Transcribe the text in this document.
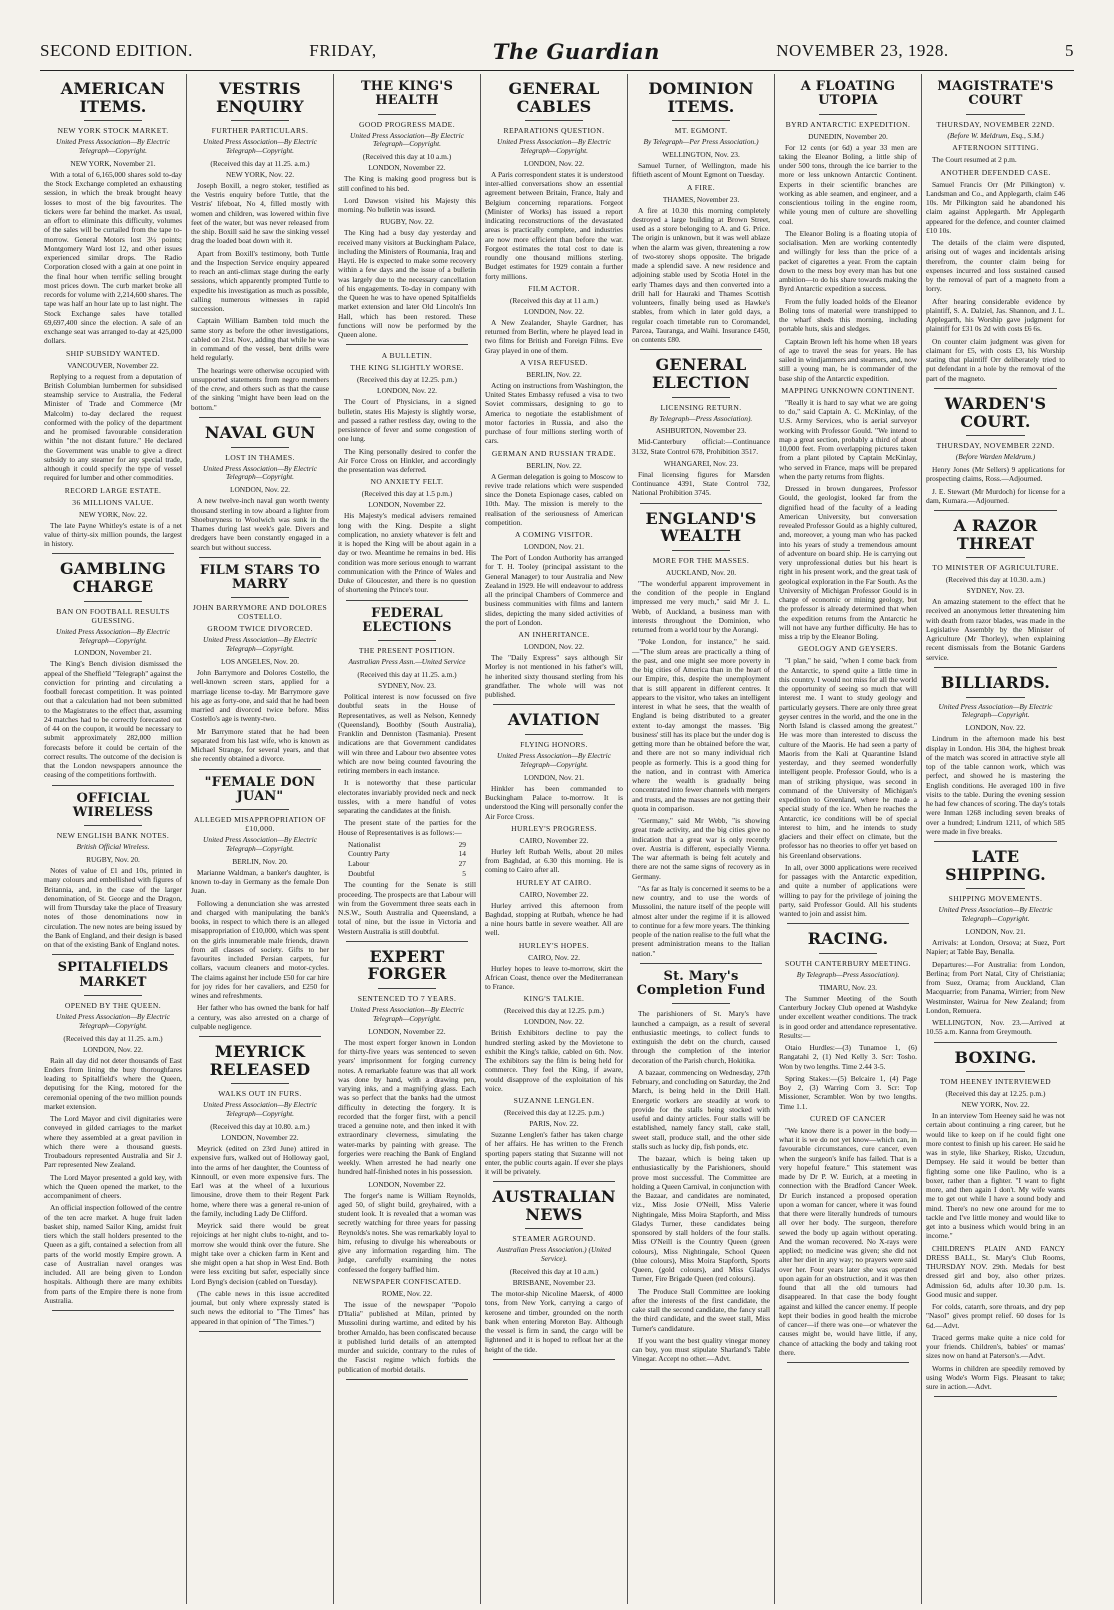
SECOND EDITION.	FRIDAY,	The Guardian	NOVEMBER 23, 1928.	5
AMERICAN ITEMS.
NEW YORK STOCK MARKET.
United Press Association—By Electric Telegraph—Copyright.
NEW YORK, November 21.
With a total of 6,165,000 shares sold to-day the Stock Exchange completed an exhausting session, in which the break brought heavy losses to most of the big favourites. The tickers were far behind the market. As usual, an effort to eliminate this difficulty, volumes of the sales will be curtailed from the tape to-morrow. General Motors lost 3¼ points; Montgomery Ward lost 12, and other issues experienced similar drops. The Radio Corporation closed with a gain at one point in the final hour when terrific selling brought most prices down. The curb market broke all records for volume with 2,214,600 shares. The tape was half an hour late up to last night. The Stock Exchange sales have totalled 69,697,400 since the election. A sale of an exchange seat was arranged to-day at 425,000 dollars.
SHIP SUBSIDY WANTED.
VANCOUVER, November 22.
Replying to a request from a deputation of British Columbian lumbermen for subsidised steamship service to Australia, the Federal Minister of Trade and Commerce (Mr Malcolm) to-day declared the request conformed with the policy of the department and he promised favourable consideration within "the not distant future." He declared the Government was unable to give a direct subsidy to any steamer for any special trade, although it could specify the type of vessel required for lumber and other commodities.
RECORD LARGE ESTATE.
36 MILLIONS VALUE.
NEW YORK, Nov. 22.
The late Payne Whitley's estate is of a net value of thirty-six million pounds, the largest in history.
GAMBLING CHARGE
BAN ON FOOTBALL RESULTS GUESSING.
United Press Association—By Electric Telegraph—Copyright.
LONDON, November 21.
The King's Bench division dismissed the appeal of the Sheffield "Telegraph" against the conviction for printing and circulating a football forecast competition. It was pointed out that a calculation had not been submitted to the Magistrates to the effect that, assuming 24 matches had to be correctly forecasted out of 44 on the coupon, it would be necessary to submit approximately 282,000 million forecasts before it could be certain of the correct results. The outcome of the decision is that the London newspapers announce the ceasing of the competitions forthwith.
OFFICIAL WIRELESS
NEW ENGLISH BANK NOTES.
British Official Wireless.
RUGBY, Nov. 20.
Notes of value of £1 and 10s, printed in many colours and embellished with figures of Britannia, and, in the case of the larger denomination, of St. George and the Dragon, will from Thursday take the place of Treasury notes of those denominations now in circulation. The new notes are being issued by the Bank of England, and their design is based on that of the existing Bank of England notes.
SPITALFIELDS MARKET
OPENED BY THE QUEEN.
United Press Association—By Electric Telegraph—Copyright.
(Received this day at 11.25. a.m.)
LONDON, Nov. 22.
Rain all day did not deter thousands of East Enders from lining the busy thoroughfares leading to Spitalfield's where the Queen, deputising for the King, motored for the ceremonial opening of the two million pounds market extension.
The Lord Mayor and civil dignitaries were conveyed in gilded carriages to the market where they assembled at a great pavilion in which there were a thousand guests. Troubadours represented Australia and Sir J. Parr represented New Zealand.
The Lord Mayor presented a gold key, with which the Queen opened the market, to the accompaniment of cheers.
An official inspection followed of the centre of the ten acre market. A huge fruit laden basket ship, named Sailor King, amidst fruit tiers which the stall holders presented to the Queen as a gift, contained a selection from all parts of the world mostly Empire grown. A case of Australian navel oranges was included. All are being given to London hospitals. Although there are many exhibits from parts of the Empire there is none from Australia.
VESTRIS ENQUIRY
FURTHER PARTICULARS.
United Press Association—By Electric Telegraph—Copyright.
(Received this day at 11.25. a.m.)
NEW YORK, Nov. 22.
Joseph Boxill, a negro stoker, testified as the Vestris enquiry before Tuttle, that the Vestris' lifeboat, No 4, filled mostly with women and children, was lowered within five feet of the water, but was never released from the ship. Boxill said he saw the sinking vessel drag the loaded boat down with it.
Apart from Boxill's testimony, both Tuttle and the Inspection Service enquiry appeared to reach an anti-climax stage during the early sessions, which apparently prompted Tuttle to expedite his investigation as much as possible, calling numerous witnesses in rapid succession.
Captain William Bamben told much the same story as before the other investigations, cabled on 21st. Nov., adding that while he was in command of the vessel, bent drills were held regularly.
The hearings were otherwise occupied with unsupported statements from negro members of the crew, and others such as that the cause of the sinking "might have been lead on the bottom."
NAVAL GUN
LOST IN THAMES.
United Press Association—By Electric Telegraph—Copyright.
LONDON, Nov. 22.
A new twelve-inch naval gun worth twenty thousand sterling in tow aboard a lighter from Shoeburyness to Woolwich was sunk in the Thames during last week's gale. Divers and dredgers have been constantly engaged in a search but without success.
FILM STARS TO MARRY
JOHN BARRYMORE AND DOLORES COSTELLO.
GROOM TWICE DIVORCED.
United Press Association—By Electric Telegraph—Copyright.
LOS ANGELES, Nov. 20.
John Barrymore and Dolores Costello, the well-known screen stars, applied for a marriage license to-day. Mr Barrymore gave his age as forty-one, and said that he had been married and divorced twice before. Miss Costello's age is twenty-two.
Mr Barrymore stated that he had been separated from his last wife, who is known as Michael Strange, for several years, and that she recently obtained a divorce.
"FEMALE DON JUAN"
ALLEGED MISAPPROPRIATION OF £10,000.
United Press Association—By Electric Telegraph—Copyright.
BERLIN, Nov. 20.
Marianne Waldman, a banker's daughter, is known to-day in Germany as the female Don Juan.
Following a denunciation she was arrested and charged with manipulating the bank's books, in respect to which there is an alleged misappropriation of £10,000, which was spent on the girls innumerable male friends, drawn from all classes of society. Gifts to her favourites included Persian carpets, fur collars, vacuum cleaners and motor-cycles. The claims against her include £50 for car hire for joy rides for her cavaliers, and £250 for wines and refreshments.
Her father who has owned the bank for half a century, was also arrested on a charge of culpable negligence.
MEYRICK RELEASED
WALKS OUT IN FURS.
United Press Association—By Electric Telegraph—Copyright.
(Received this day at 10.80. a.m.)
LONDON, November 22.
Meyrick (edited on 23rd June) attired in expensive furs, walked out of Holloway gaol, into the arms of her daughter, the Countess of Kinnoull, or even more expensive furs. The Earl was at the wheel of a luxurious limousine, drove them to their Regent Park home, where there was a general re-union of the family, including Lady De Clifford.
Meyrick said there would be great rejoicings at her night clubs to-night, and to-morrow she would think over the future. She might take over a chicken farm in Kent and she might open a hat shop in West End. Both were less exciting but safer, especially since Lord Byng's decision (cabled on Tuesday).
(The cable news in this issue accredited journal, but only where expressly stated is such news the editorial to "The Times" has appeared in that opinion of "The Times.")
THE KING'S HEALTH
GOOD PROGRESS MADE.
United Press Association—By Electric Telegraph—Copyright.
(Received this day at 10 a.m.)
LONDON, November 22.
The King is making good progress but is still confined to his bed.
Lord Dawson visited his Majesty this morning. No bulletin was issued.
RUGBY, Nov. 22.
The King had a busy day yesterday and received many visitors at Buckingham Palace, including the Ministers of Roumania, Iraq and Hayti. He is expected to make some recovery within a few days and the issue of a bulletin was largely due to the necessary cancellation of his engagements. To-day in company with the Queen he was to have opened Spitalfields market extension and later Old Lincoln's Inn Hall, which has been restored. These functions will now be performed by the Queen alone.
A BULLETIN.
THE KING SLIGHTLY WORSE.
(Received this day at 12.25. p.m.)
LONDON, Nov. 22.
The Court of Physicians, in a signed bulletin, states His Majesty is slightly worse, and passed a rather restless day, owing to the persistence of fever and some congestion of one lung.
The King personally desired to confer the Air Force Cross on Hinkler, and accordingly the presentation was deferred.
NO ANXIETY FELT.
(Received this day at 1.5 p.m.)
LONDON, November 22.
His Majesty's medical advisers remained long with the King. Despite a slight complication, no anxiety whatever is felt and it is hoped the King will be about again in a day or two. Meantime he remains in bed. His condition was more serious enough to warrant communication with the Prince of Wales and Duke of Gloucester, and there is no question of shortening the Prince's tour.
FEDERAL ELECTIONS
THE PRESENT POSITION.
Australian Press Assn.—United Service
(Received this day at 11.25. a.m.)
SYDNEY, Nov. 23.
Political interest is now focussed on five doubtful seats in the House of Representatives, as well as Nelson, Kennedy (Queensland), Boothby (South Australia), Franklin and Denniston (Tasmania). Present indications are that Government candidates will win three and Labour two absentee votes which are now being counted favouring the retiring members in each instance.
It is noteworthy that these particular electorates invariably provided neck and neck tussles, with a mere handful of votes separating the candidates at the finish.
The present state of the parties for the House of Representatives is as follows:—
Nationalist	29
Country Party	14
Labour	27
Doubtful	5
The counting for the Senate is still proceeding. The prospects are that Labour will win from the Government three seats each in N.S.W., South Australia and Queensland, a total of nine, but the issue in Victoria and Western Australia is still doubtful.
EXPERT FORGER
SENTENCED TO 7 YEARS.
United Press Association—By Electric Telegraph—Copyright.
LONDON, November 22.
The most expert forger known in London for thirty-five years was sentenced to seven years' imprisonment for forging currency notes. A remarkable feature was that all work was done by hand, with a drawing pen, varying inks, and a magnifying glass. Each was so perfect that the banks had the utmost difficulty in detecting the forgery. It is recorded that the forger first, with a pencil traced a genuine note, and then inked it with extraordinary cleverness, simulating the water-marks by painting with grease. The forgeries were reaching the Bank of England weekly. When arrested he had nearly one hundred half-finished notes in his possession.
LONDON, November 22.
The forger's name is William Reynolds, aged 50, of slight build, greyhaired, with a student look. It is revealed that a woman was secretly watching for three years for passing Reynolds's notes. She was remarkably loyal to him, refusing to divulge his whereabouts or give any information regarding him. The judge, carefully examining the notes confessed the forgery baffled him.
NEWSPAPER CONFISCATED.
ROME, Nov. 22.
The issue of the newspaper "Popolo D'Italia" published at Milan, printed by Mussolini during wartime, and edited by his brother Arnaldo, has been confiscated because it published lurid details of an attempted murder and suicide, contrary to the rules of the Fascist regime which forbids the publication of morbid details.
GENERAL CABLES
REPARATIONS QUESTION.
United Press Association—By Electric Telegraph—Copyright.
LONDON, Nov. 22.
A Paris correspondent states it is understood inter-allied conversations show an essential agreement between Britain, France, Italy and Belgium concerning reparations. Forgeot (Minister of Works) has issued a report indicating reconstructions of the devastated areas is practically complete, and industries are now more efficient than before the war. Forgeot estimates the total cost to date is roundly one thousand millions sterling. Budget estimates for 1929 contain a further forty millions.
FILM ACTOR.
(Received this day at 11 a.m.)
LONDON, Nov. 22.
A New Zealander, Shayle Gardner, has returned from Berlin, where he played lead in two films for British and Foreign Films. Eve Gray played in one of them.
A VISA REFUSED.
BERLIN, Nov. 22.
Acting on instructions from Washington, the United States Embassy refused a visa to two Soviet commissars, designing to go to America to negotiate the establishment of motor factories in Russia, and also the purchase of four millions sterling worth of cars.
GERMAN AND RUSSIAN TRADE.
BERLIN, Nov. 22.
A German delegation is going to Moscow to revive trade relations which were suspended since the Doneta Espionage cases, cabled on 10th. May. The mission is merely to the realisation of the seriousness of American competition.
A COMING VISITOR.
LONDON, Nov. 21.
The Port of London Authority has arranged for T. H. Tooley (principal assistant to the General Manager) to tour Australia and New Zealand in 1929. He will endeavour to address all the principal Chambers of Commerce and business communities with films and lantern slides, depicting the many sided activities of the port of London.
AN INHERITANCE.
LONDON, Nov. 22.
The "Daily Express" says although Sir Morley is not mentioned in his father's will, he inherited sixty thousand sterling from his grandfather. The whole will was not published.
AVIATION
FLYING HONORS.
United Press Association—By Electric Telegraph—Copyright.
LONDON, Nov. 21.
Hinkler has been commanded to Buckingham Palace to-morrow. It is understood the King will personally confer the Air Force Cross.
HURLEY'S PROGRESS.
CAIRO, November 22.
Hurley left Rutbah Wells, about 20 miles from Baghdad, at 6.30 this morning. He is coming to Cairo after all.
HURLEY AT CAIRO.
CAIRO, November 22.
Hurley arrived this afternoon from Baghdad, stopping at Rutbah, whence he had a nine hours battle in severe weather. All are well.
HURLEY'S HOPES.
CAIRO, Nov. 22.
Hurley hopes to leave to-morrow, skirt the African Coast, thence over the Mediterranean to France.
KING'S TALKIE.
(Received this day at 12.25. p.m.)
LONDON, Nov. 22.
British Exhibitors decline to pay the hundred sterling asked by the Movietone to exhibit the King's talkie, cabled on 6th. Nov. The exhibitors say the film is being held for commerce. They feel the King, if aware, would disapprove of the exploitation of his voice.
SUZANNE LENGLEN.
(Received this day at 12.25. p.m.)
PARIS, Nov. 22.
Suzanne Lenglen's father has taken charge of her affairs. He has written to the French sporting papers stating that Suzanne will not enter, the public courts again. If ever she plays it will be privately.
AUSTRALIAN NEWS
STEAMER AGROUND.
Australian Press Association.) (United Service).
(Received this day at 10 a.m.)
BRISBANE, November 23.
The motor-ship Nicoline Maersk, of 4000 tons, from New York, carrying a cargo of kerosene and timber, grounded on the north bank when entering Moreton Bay. Although the vessel is firm in sand, the cargo will be lightened and it is hoped to refloat her at the height of the tide.
DOMINION ITEMS.
MT. EGMONT.
By Telegraph—Per Press Association.)
WELLINGTON, Nov. 23.
Samuel Turner, of Wellington, made his fiftieth ascent of Mount Egmont on Tuesday.
A FIRE.
THAMES, November 23.
A fire at 10.30 this morning completely destroyed a large building at Brown Street, used as a store belonging to A. and G. Price. The origin is unknown, but it was well ablaze when the alarm was given, threatening a row of two-storey shops opposite. The brigade made a splendid save. A new residence and adjoining stable used by Scotia Hotel in the early Thames days and then converted into a drill hall for Hauraki and Thames Scottish volunteers, finally being used as Hawke's stables, from which in later gold days, a regular coach timetable run to Coromandel, Parcea, Tauranga, and Waihi. Insurance £450, on contents £80.
GENERAL ELECTION
LICENSING RETURN.
By Telegraph—Press Association).
ASHBURTON, November 23.
Mid-Canterbury official:—Continuance 3132, State Control 678, Prohibition 3517.
WHANGAREI, Nov. 23.
Final licensing figures for Marsden Continuance 4391, State Control 732, National Prohibition 3745.
ENGLAND'S WEALTH
MORE FOR THE MASSES.
AUCKLAND, Nov. 20.
"The wonderful apparent improvement in the condition of the people in England impressed me very much," said Mr J. L. Webb, of Auckland, a business man with interests throughout the Dominion, who returned from a world tour by the Aorangi.
"Poke London, for instance," he said.—"The slum areas are practically a thing of the past, and one might see more poverty in the big cities of America than in the heart of our Empire, this, despite the unemployment that is still apparent in different centres. It appears to the visitor, who takes an intelligent interest in what he sees, that the wealth of England is being distributed to a greater extent to-day amongst the masses. 'Big business' still has its place but the under dog is getting more than he obtained before the war, and there are not so many individual rich people as formerly. This is a good thing for the nation, and in contrast with America where the wealth is gradually being concentrated into fewer channels with mergers and trusts, and the masses are not getting their quota in comparison.
"Germany," said Mr Webb, "is showing great trade activity, and the big cities give no indication that a great war is only recently over. Austria is different, especially Vienna. The war aftermath is being felt acutely and there are not the same signs of recovery as in Germany.
"As far as Italy is concerned it seems to be a new country, and to use the words of Mussolini, the nature itself of the people will almost alter under the regime if it is allowed to continue for a few more years. The thinking people of the nation realise to the full what the present administration means to the Italian nation."
St. Mary's Completion Fund
The parishioners of St. Mary's have launched a campaign, as a result of several enthusiastic meetings, to collect funds to extinguish the debt on the church, caused through the completion of the interior decoration of the Parish church, Hokitika.
A bazaar, commencing on Wednesday, 27th February, and concluding on Saturday, the 2nd March, is being held in the Drill Hall. Energetic workers are steadily at work to provide for the stalls being stocked with useful and dainty articles. Four stalls will be established, namely fancy stall, cake stall, sweet stall, produce stall, and the other side stalls such as lucky dip, fish ponds, etc.
The bazaar, which is being taken up enthusiastically by the Parishioners, should prove most successful. The Committee are holding a Queen Carnival, in conjunction with the Bazaar, and candidates are nominated, viz., Miss Josie O'Neill, Miss Valerie Nightingale, Miss Moira Stapforth, and Miss Gladys Turner, these candidates being sponsored by stall holders of the four stalls. Miss O'Neill is the Country Queen (green colours), Miss Nightingale, School Queen (blue colours), Miss Moira Stapforth, Sports Queen, (gold colours), and Miss Gladys Turner, Fire Brigade Queen (red colours).
The Produce Stall Committee are looking after the interests of the first candidate, the cake stall the second candidate, the fancy stall the third candidate, and the sweet stall, Miss Turner's candidature.
If you want the best quality vinegar money can buy, you must stipulate Sharland's Table Vinegar. Accept no other.—Advt.
A FLOATING UTOPIA
BYRD ANTARCTIC EXPEDITION.
DUNEDIN, November 20.
For 12 cents (or 6d) a year 33 men are taking the Eleanor Boling, a little ship of under 500 tons, through the ice barrier to the more or less unknown Antarctic Continent. Experts in their scientific branches are working as able seamen, and engineer, and a conscientious toiling in the engine room, while young men of culture are shovelling coal.
The Eleanor Boling is a floating utopia of socialisation. Men are working contentedly and willingly for less than the price of a packet of cigarettes a year. From the captain down to the mess boy every man has but one ambition—to do his share towards making the Byrd Antarctic expedition a success.
From the fully loaded holds of the Eleanor Boling tons of material were transhipped to the wharf sheds this morning, including portable huts, skis and sledges.
Captain Brown left his home when 18 years of age to travel the seas for years. He has sailed in windjammers and steamers, and, now still a young man, he is commander of the base ship of the Antarctic expedition.
MAPPING UNKNOWN CONTINENT.
"Really it is hard to say what we are going to do," said Captain A. C. McKinlay, of the U.S. Army Services, who is aerial surveyor working with Professor Gould. "We intend to map a great section, probably a third of about 10,000 feet. From overlapping pictures taken from a plant piloted by Captain McKinlay, who served in France, maps will be prepared when the party returns from flights.
Dressed in brown dungarees, Professor Gould, the geologist, looked far from the dignified head of the faculty of a leading American University, but conversation revealed Professor Gould as a highly cultured, and, moreover, a young man who has packed into his years of study a tremendous amount of adventure on board ship. He is carrying out very unprofessional duties but his heart is right in his present work, and the great task of geological exploration in the Far South. As the University of Michigan Professor Gould is in charge of economic or mining geology, but the professor is already determined that when the expedition returns from the Antarctic he will not have any further difficulty. He has to miss a trip by the Eleanor Boling.
GEOLOGY AND GEYSERS.
"I plan," he said, "when I come back from the Antarctic, to spend quite a little time in this country. I would not miss for all the world the opportunity of seeing so much that will interest me. I want to study geology and particularly geysers. There are only three great geyser centres in the world, and the one in the North Island is classed among the greatest." He was more than interested to discuss the culture of the Maoris. He had seen a party of Maoris from the Kali at Quarantine Island yesterday, and they seemed wonderfully intelligent people. Professor Gould, who is a man of striking physique, was second in command of the University of Michigan's expedition to Greenland, where he made a special study of the ice. When he reaches the Antarctic, ice conditions will be of special interest to him, and he intends to study glaciers and their effect on climate, but the professor has no theories to offer yet based on his Greenland observations.
In all, over 3000 applications were received for passages with the Antarctic expedition, and quite a number of applications were willing to pay for the privilege of joining the party, said Professor Gould. All his students wanted to join and assist him.
RACING.
SOUTH CANTERBURY MEETING.
By Telegraph—Press Association).
TIMARU, Nov. 23.
The Summer Meeting of the South Canterbury Jockey Club opened at Washdyke under excellent weather conditions. The track is in good order and attendance representative. Results:—
Otaio Hurdles:—(3) Tunamoe 1, (6) Rangatahi 2, (1) Ned Kelly 3. Scr: Tosho. Won by two lengths. Time 2.44 3-5.
Spring Stakes:—(5) Belcaire 1, (4) Page Boy 2, (3) Warring Corn 3. Scr: Top Missioner, Scrambler. Won by two lengths. Time 1.1.
CURED OF CANCER
"We know there is a power in the body—what it is we do not yet know—which can, in favourable circumstances, cure cancer, even when the surgeon's knife has failed. That is a very hopeful feature." This statement was made by Dr P. W. Eurich, at a meeting in connection with the Bradford Cancer Week. Dr Eurich instanced a proposed operation upon a woman for cancer, where it was found that there were literally hundreds of tumours all over her body. The surgeon, therefore sewed the body up again without operating. And the woman recovered. No X-rays were applied; no medicine was given; she did not alter her diet in any way; no prayers were said over her. Four years later she was operated upon again for an obstruction, and it was then found that all the old tumours had disappeared. In that case the body fought against and killed the cancer enemy. If people kept their bodies in good health the microbe of cancer—if there was one—or whatever the causes might be, would have little, if any, chance of attacking the body and taking root there.
MAGISTRATE'S COURT
THURSDAY, NOVEMBER 22ND.
(Before W. Meldrum, Esq., S.M.)
AFTERNOON SITTING.
The Court resumed at 2 p.m.
ANOTHER DEFENDED CASE.
Samuel Francis Orr (Mr Pilkington) v. Landsman and Co., and Applegarth, claim £46 10s. Mr Pilkington said he abandoned his claim against Applegarth. Mr Applegarth appeared for the defence, and counter claimed £10 10s.
The details of the claim were disputed, arising out of wages and incidentals arising therefrom, the counter claim being for expenses incurred and loss sustained caused by the removal of part of a magneto from a lorry.
After hearing considerable evidence by plaintiff, S. A. Dalziel, Jas. Shannon, and J. L. Applegarth, his Worship gave judgment for plaintiff for £31 0s 2d with costs £6 6s.
On counter claim judgment was given for claimant for £5, with costs £3, his Worship stating that plaintiff Orr deliberately tried to put defendant in a hole by the removal of the part of the magneto.
WARDEN'S COURT.
THURSDAY, NOVEMBER 22ND.
(Before Warden Meldrum.)
Henry Jones (Mr Sellers) 9 applications for prospecting claims, Ross.—Adjourned.
J. E. Stewart (Mr Murdoch) for license for a dam, Kumara.—Adjourned.
A RAZOR THREAT
TO MINISTER OF AGRICULTURE.
(Received this day at 10.30. a.m.)
SYDNEY, Nov. 23.
An amazing statement to the effect that he received an anonymous letter threatening him with death from razor blades, was made in the Legislative Assembly by the Minister of Agriculture (Mr Thorley), when explaining recent dismissals from the Botanic Gardens service.
BILLIARDS.
United Press Association—By Electric Telegraph—Copyright.
LONDON, Nov. 22.
Lindrum in the afternoon made his best display in London. His 304, the highest break of the match was scored in attractive style all top of the table cannon work, which was perfect, and showed he is mastering the English conditions. He averaged 100 in five visits to the table. During the evening session he had few chances of scoring. The day's totals were Inman 1268 including seven breaks of over a hundred; Lindrum 1211, of which 585 were made in five breaks.
LATE SHIPPING.
SHIPPING MOVEMENTS.
United Press Association—By Electric Telegraph—Copyright.
LONDON, Nov. 21.
Arrivals: at London, Orsova; at Suez, Port Napier; at Table Bay, Benalla.
Departures:—For Australia: from London, Berlina; from Port Natal, City of Christiania; from Suez, Orama; from Auckland, Clan Macquarrie; from Panama, Wirrier; from New Westminster, Wairua for New Zealand; from London, Remuera.
WELLINGTON, Nov. 23.—Arrived at 10.55 a.m. Kanna from Greymouth.
BOXING.
TOM HEENEY INTERVIEWED
(Received this day at 12.25. p.m.)
NEW YORK, Nov. 22.
In an interview Tom Heeney said he was not certain about continuing a ring career, but he would like to keep on if he could fight one more contest to finish up his career. He said he was in style, like Sharkey, Risko, Uzcudun, Dempsey. He said it would be better than fighting some one like Paulino, who is a boxer, rather than a fighter. "I want to fight more, and then again I don't. My wife wants me to get out while I have a sound body and mind. There's no new one around for me to tackle and I've little money and would like to get into a business which would bring in an income."
CHILDREN'S PLAIN AND FANCY DRESS BALL, St. Mary's Club Rooms, THURSDAY NOV. 29th. Medals for best dressed girl and boy, also other prizes. Admission 6d, adults after 10.30 p.m. 1s. Good music and supper.
For colds, catarrh, sore throats, and dry pep "Nasol" gives prompt relief. 60 doses for 1s 6d.—Advt.
Traced germs make quite a nice cold for your friends. Children's, babies' or mamas' sizes now on hand at Paterson's.—Advt.
Worms in children are speedily removed by using Wode's Worm Figs. Pleasant to take; sure in action.—Advt.
